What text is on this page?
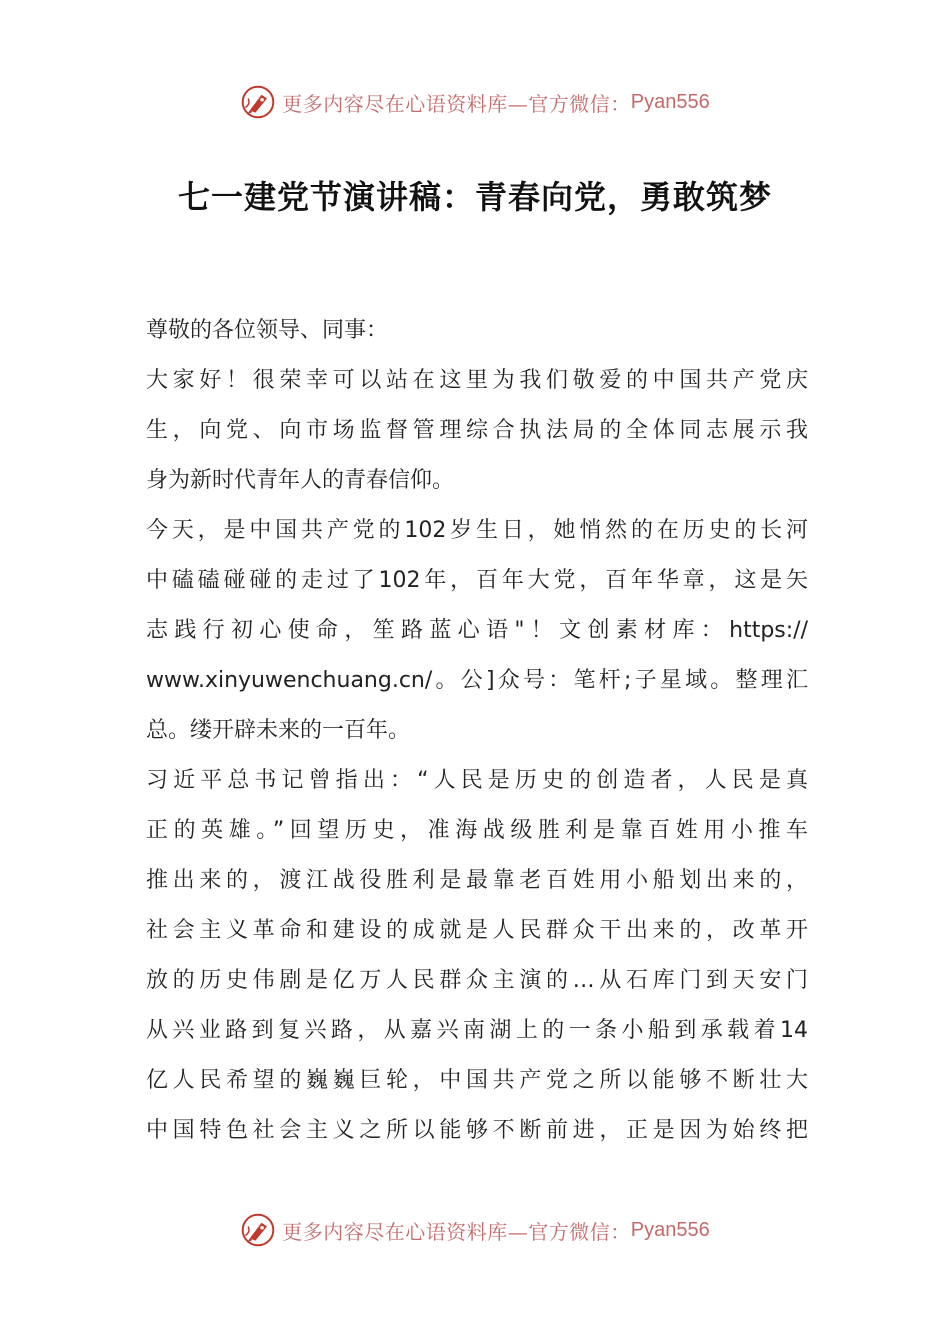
更多内容尽在心语资料库—官方微信： Pyan556
七一建党节演讲稿：青春向党，勇敢筑梦
尊敬的各位领导、同事：
大家好！很荣幸可以站在这里为我们敬爱的中国共产党庆
生，向党、向市场监督管理综合执法局的全体同志展示我
身为新时代青年人的青春信仰。
今天，是中国共产党的102岁生日，她悄然的在历史的长河
中磕磕碰碰的走过了102年，百年大党，百年华章，这是矢
志践行初心使命，笙路蓝心语"！文创素材库：https://
www.xinyuwenchuang.cn/。公]众号：笔杆;子星域。整理汇
总。缕开辟未来的一百年。
习近平总书记曾指出：“人民是历史的创造者，人民是真
正的英雄。”回望历史，准海战级胜利是靠百姓用小推车
推出来的，渡江战役胜利是最靠老百姓用小船划出来的，
社会主义革命和建设的成就是人民群众干出来的，改革开
放的历史伟剧是亿万人民群众主演的…从石库门到天安门
从兴业路到复兴路，从嘉兴南湖上的一条小船到承载着14
亿人民希望的巍巍巨轮，中国共产党之所以能够不断壮大
中国特色社会主义之所以能够不断前进，正是因为始终把
更多内容尽在心语资料库—官方微信： Pyan556
